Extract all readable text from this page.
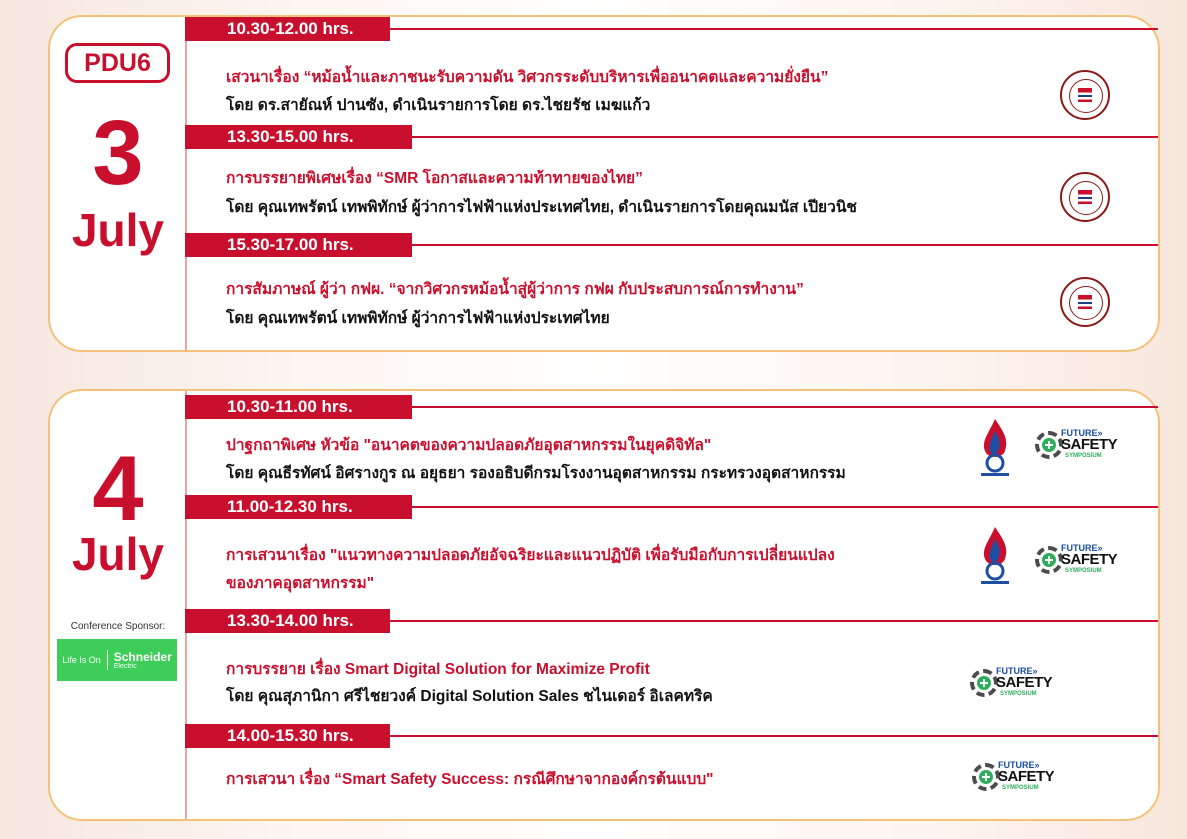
PDU6
3
July
10.30-12.00 hrs.
เสวนาเรื่อง “หม้อน้ำและภาชนะรับความดัน วิศวกรระดับบริหารเพื่ออนาคตและความยั่งยืน”
โดย ดร.สายัณห์ ปานซัง, ดำเนินรายการโดย ดร.ไชยรัช เมฆแก้ว
13.30-15.00 hrs.
การบรรยายพิเศษเรื่อง “SMR โอกาสและความท้าทายของไทย”
โดย คุณเทพรัตน์ เทพพิทักษ์ ผู้ว่าการไฟฟ้าแห่งประเทศไทย, ดำเนินรายการโดยคุณมนัส เปียวนิช
15.30-17.00 hrs.
การสัมภาษณ์ ผู้ว่า กฟผ. “จากวิศวกรหม้อน้ำสู่ผู้ว่าการ กฟผ กับประสบการณ์การทำงาน”
โดย คุณเทพรัตน์ เทพพิทักษ์ ผู้ว่าการไฟฟ้าแห่งประเทศไทย
4
July
Conference Sponsor:
Life Is On Schneider
Electric
10.30-11.00 hrs.
ปาฐกถาพิเศษ หัวข้อ "อนาคตของความปลอดภัยอุตสาหกรรมในยุคดิจิทัล"
โดย คุณธีรทัศน์ อิศรางกูร ณ อยุธยา รองอธิบดีกรมโรงงานอุตสาหกรรม กระทรวงอุตสาหกรรม
FUTURE»
SAFETY
SYMPOSIUM
11.00-12.30 hrs.
การเสวนาเรื่อง "แนวทางความปลอดภัยอัจฉริยะและแนวปฏิบัติ เพื่อรับมือกับการเปลี่ยนแปลง
ของภาคอุตสาหกรรม"
FUTURE»
SAFETY
SYMPOSIUM
13.30-14.00 hrs.
การบรรยาย เรื่อง Smart Digital Solution for Maximize Profit
โดย คุณสุภานิกา ศรีไชยวงค์ Digital Solution Sales ชไนเดอร์ อิเลคทริค
FUTURE»
SAFETY
SYMPOSIUM
14.00-15.30 hrs.
การเสวนา เรื่อง “Smart Safety Success: กรณีศึกษาจากองค์กรต้นแบบ"
FUTURE»
SAFETY
SYMPOSIUM
